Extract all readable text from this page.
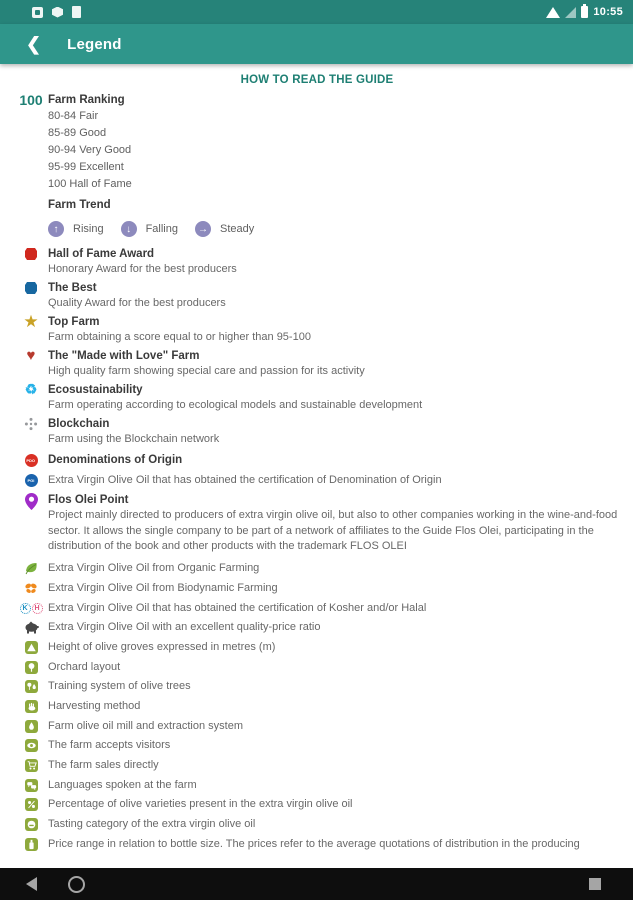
10:55
❮ Legend
HOW TO READ THE GUIDE
100 Farm Ranking
80-84 Fair
85-89 Good
90-94 Very Good
95-99 Excellent
100 Hall of Fame
Farm Trend
↑	Rising	↓	Falling	→ Steady
Hall of Fame Award
Honorary Award for the best producers
The Best
Quality Award for the best producers
★ Top Farm
Farm obtaining a score equal to or higher than 95-100
♥	The "Made with Love" Farm
High quality farm showing special care and passion for its activity
♻ Ecosustainability
Farm operating according to ecological models and sustainable development
Blockchain
Farm using the Blockchain network
PDO Denominations of Origin
PGI Extra Virgin Olive Oil that has obtained the certification of Denomination of Origin
Flos Olei Point
Project mainly directed to producers of extra virgin olive oil, but also to other companies working in the wine-and-food sector. It allows the single company to be part of a network of affiliates to the Guide Flos Olei, participating in the distribution of the book and other products with the trademark FLOS OLEI
Extra Virgin Olive Oil from Organic Farming
Extra Virgin Olive Oil from Biodynamic Farming
K H Extra Virgin Olive Oil that has obtained the certification of Kosher and/or Halal
Extra Virgin Olive Oil with an excellent quality-price ratio
Height of olive groves expressed in metres (m)
Orchard layout
Training system of olive trees
Harvesting method
Farm olive oil mill and extraction system
The farm accepts visitors
The farm sales directly
Languages spoken at the farm
Percentage of olive varieties present in the extra virgin olive oil
Tasting category of the extra virgin olive oil
Price range in relation to bottle size. The prices refer to the average quotations of distribution in the producing
